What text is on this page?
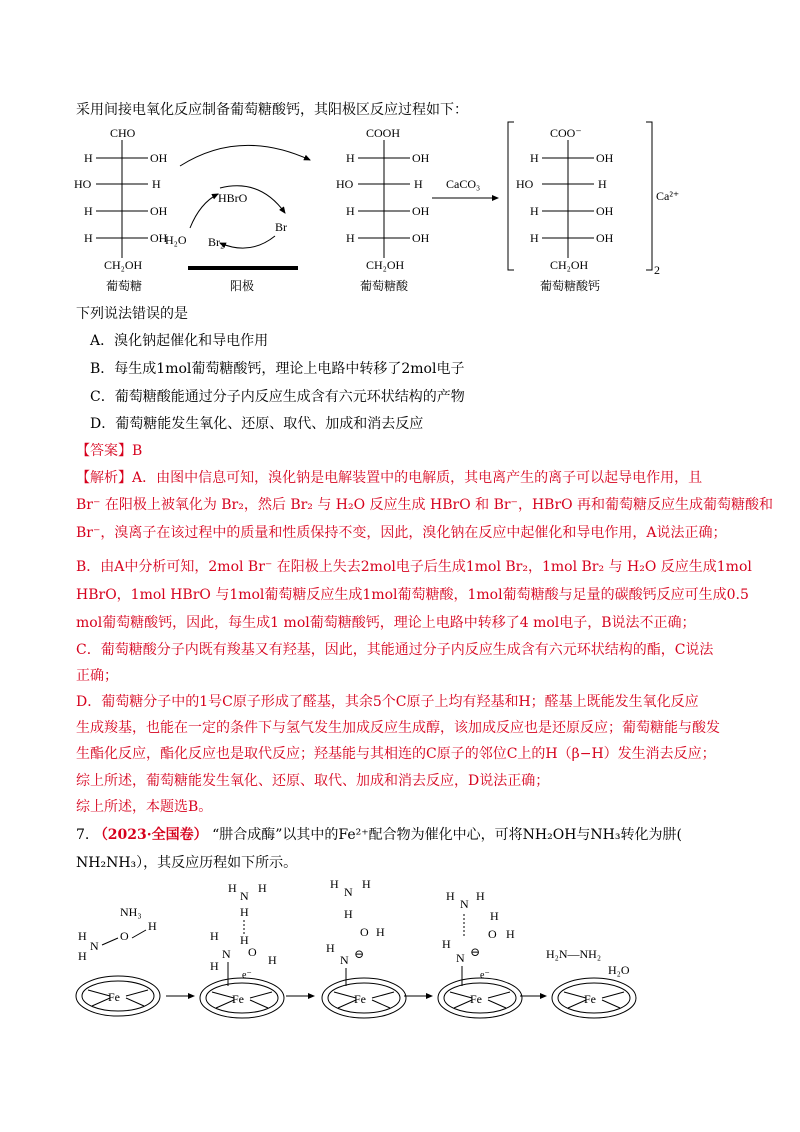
采用间接电氧化反应制备葡萄糖酸钙，其阳极区反应过程如下：
CHO
H	OH
HO	H
H	OH
H	OH
CH₂OH
葡萄糖
HBrO
Br
H₂O Br₂
阳极
COOH
H	OH
HO	H
H	OH
H	OH
CH₂OH
葡萄糖酸
CaCO₃
COO⁻
H	OH
HO	H
H	OH
H	OH
CH₂OH
Ca²⁺
2
葡萄糖酸钙
下列说法错误的是
A．溴化钠起催化和导电作用
B．每生成1mol葡萄糖酸钙，理论上电路中转移了2mol电子
C．葡萄糖酸能通过分子内反应生成含有六元环状结构的产物
D．葡萄糖能发生氧化、还原、取代、加成和消去反应
【答案】B
【解析】A．由图中信息可知，溴化钠是电解装置中的电解质，其电离产生的离子可以起导电作用，且
Br⁻ 在阳极上被氧化为 Br₂，然后 Br₂ 与 H₂O 反应生成 HBrO 和 Br⁻，HBrO 再和葡萄糖反应生成葡萄糖酸和
Br⁻，溴离子在该过程中的质量和性质保持不变，因此，溴化钠在反应中起催化和导电作用，A说法正确；
B．由A中分析可知，2mol Br⁻ 在阳极上失去2mol电子后生成1mol Br₂，1mol Br₂ 与 H₂O 反应生成1mol
HBrO，1mol HBrO 与1mol葡萄糖反应生成1mol葡萄糖酸，1mol葡萄糖酸与足量的碳酸钙反应可生成0.5
mol葡萄糖酸钙，因此，每生成1 mol葡萄糖酸钙，理论上电路中转移了4 mol电子，B说法不正确；
C．葡萄糖酸分子内既有羧基又有羟基，因此，其能通过分子内反应生成含有六元环状结构的酯，C说法
正确；
D．葡萄糖分子中的1号C原子形成了醛基，其余5个C原子上均有羟基和H；醛基上既能发生氧化反应
生成羧基，也能在一定的条件下与氢气发生加成反应生成醇，该加成反应也是还原反应；葡萄糖能与酸发
生酯化反应，酯化反应也是取代反应；羟基能与其相连的C原子的邻位C上的H（β−H）发生消去反应；
综上所述，葡萄糖能发生氧化、还原、取代、加成和消去反应，D说法正确；
综上所述，本题选B。
7. （2023·全国卷） “肼合成酶”以其中的Fe²⁺配合物为催化中心，可将NH₂OH与NH₃转化为肼(
NH₂NH₃），其反应历程如下所示。
NH₃
H
N
H
O
H
Fe
H
N
H
H
H
H
N
H
O
H
e⁻
Fe
H
N
H
H
O H
H
N ⊖
Fe
H
N
H
H
O H
H
N ⊖
e⁻
Fe
H₂N—NH₂
H₂O
Fe
